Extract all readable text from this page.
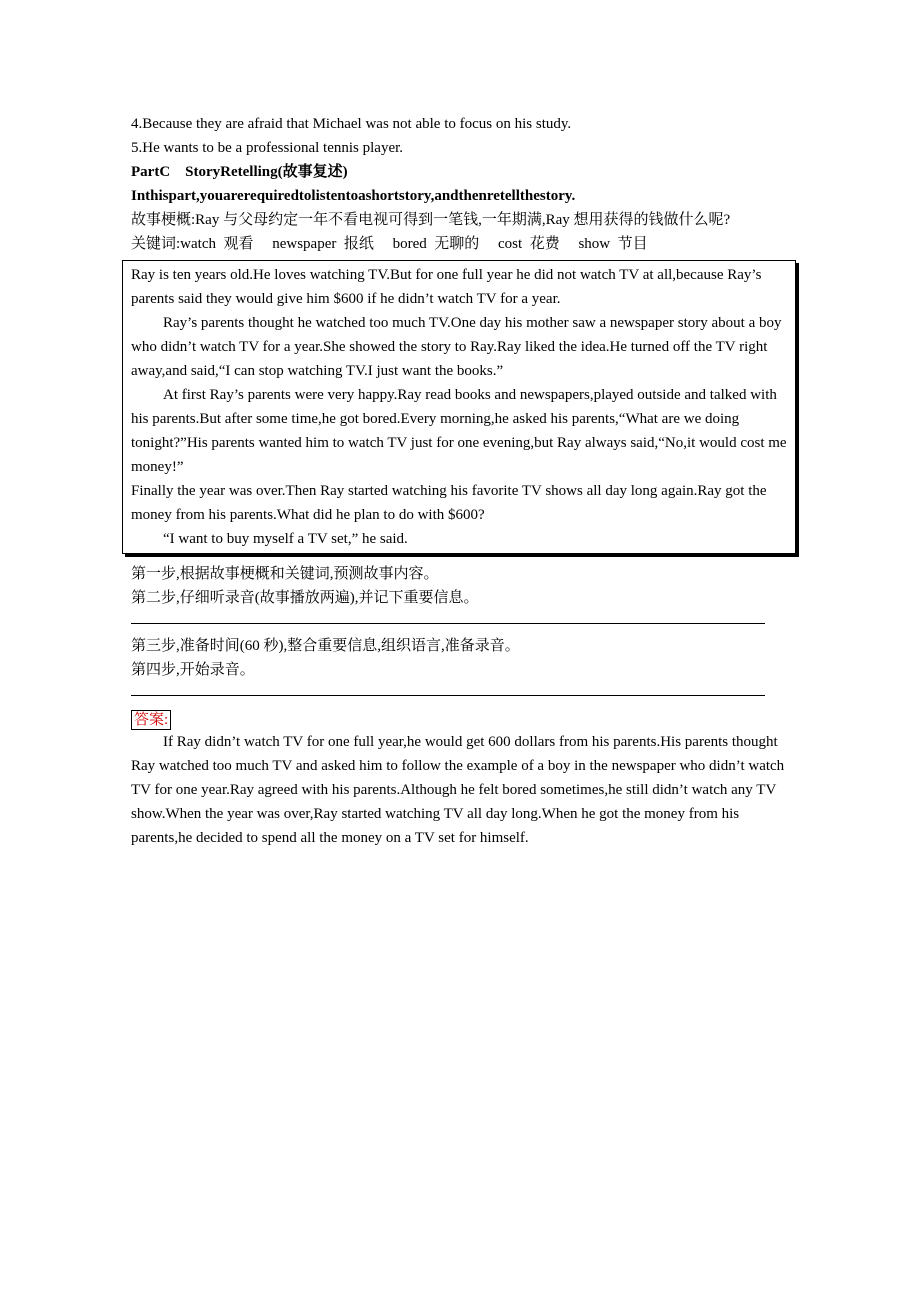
4.Because they are afraid that Michael was not able to focus on his study.
5.He wants to be a professional tennis player.
PartC　StoryRetelling(故事复述)
Inthispart,youarerequiredtolistentoashortstory,andthenretellthestory.
故事梗概:Ray 与父母约定一年不看电视可得到一笔钱,一年期满,Ray 想用获得的钱做什么呢?
关键词:watch  观看　 newspaper  报纸　 bored  无聊的　 cost  花费　 show  节目

Ray is ten years old.He loves watching TV.But for one full year he did not watch TV at all,because Ray’s parents said they would give him $600 if he didn’t watch TV for a year.

Ray’s parents thought he watched too much TV.One day his mother saw a newspaper story about a boy who didn’t watch TV for a year.She showed the story to Ray.Ray liked the idea.He turned off the TV right away,and said,“I can stop watching TV.I just want the books.”

At first Ray’s parents were very happy.Ray read books and newspapers,played outside and talked with his parents.But after some time,he got bored.Every morning,he asked his parents,“What are we doing tonight?”His parents wanted him to watch TV just for one evening,but Ray always said,“No,it would cost me money!”

Finally the year was over.Then Ray started watching his favorite TV shows all day long again.Ray got the money from his parents.What did he plan to do with $600?

“I want to buy myself a TV set,” he said.

第一步,根据故事梗概和关键词,预测故事内容。
第二步,仔细听录音(故事播放两遍),并记下重要信息。
第三步,准备时间(60 秒),整合重要信息,组织语言,准备录音。
第四步,开始录音。
答案:

If Ray didn’t watch TV for one full year,he would get 600 dollars from his parents.His parents thought Ray watched too much TV and asked him to follow the example of a boy in the newspaper who didn’t watch TV for one year.Ray agreed with his parents.Although he felt bored sometimes,he still didn’t watch any TV show.When the year was over,Ray started watching TV all day long.When he got the money from his parents,he decided to spend all the money on a TV set for himself.
